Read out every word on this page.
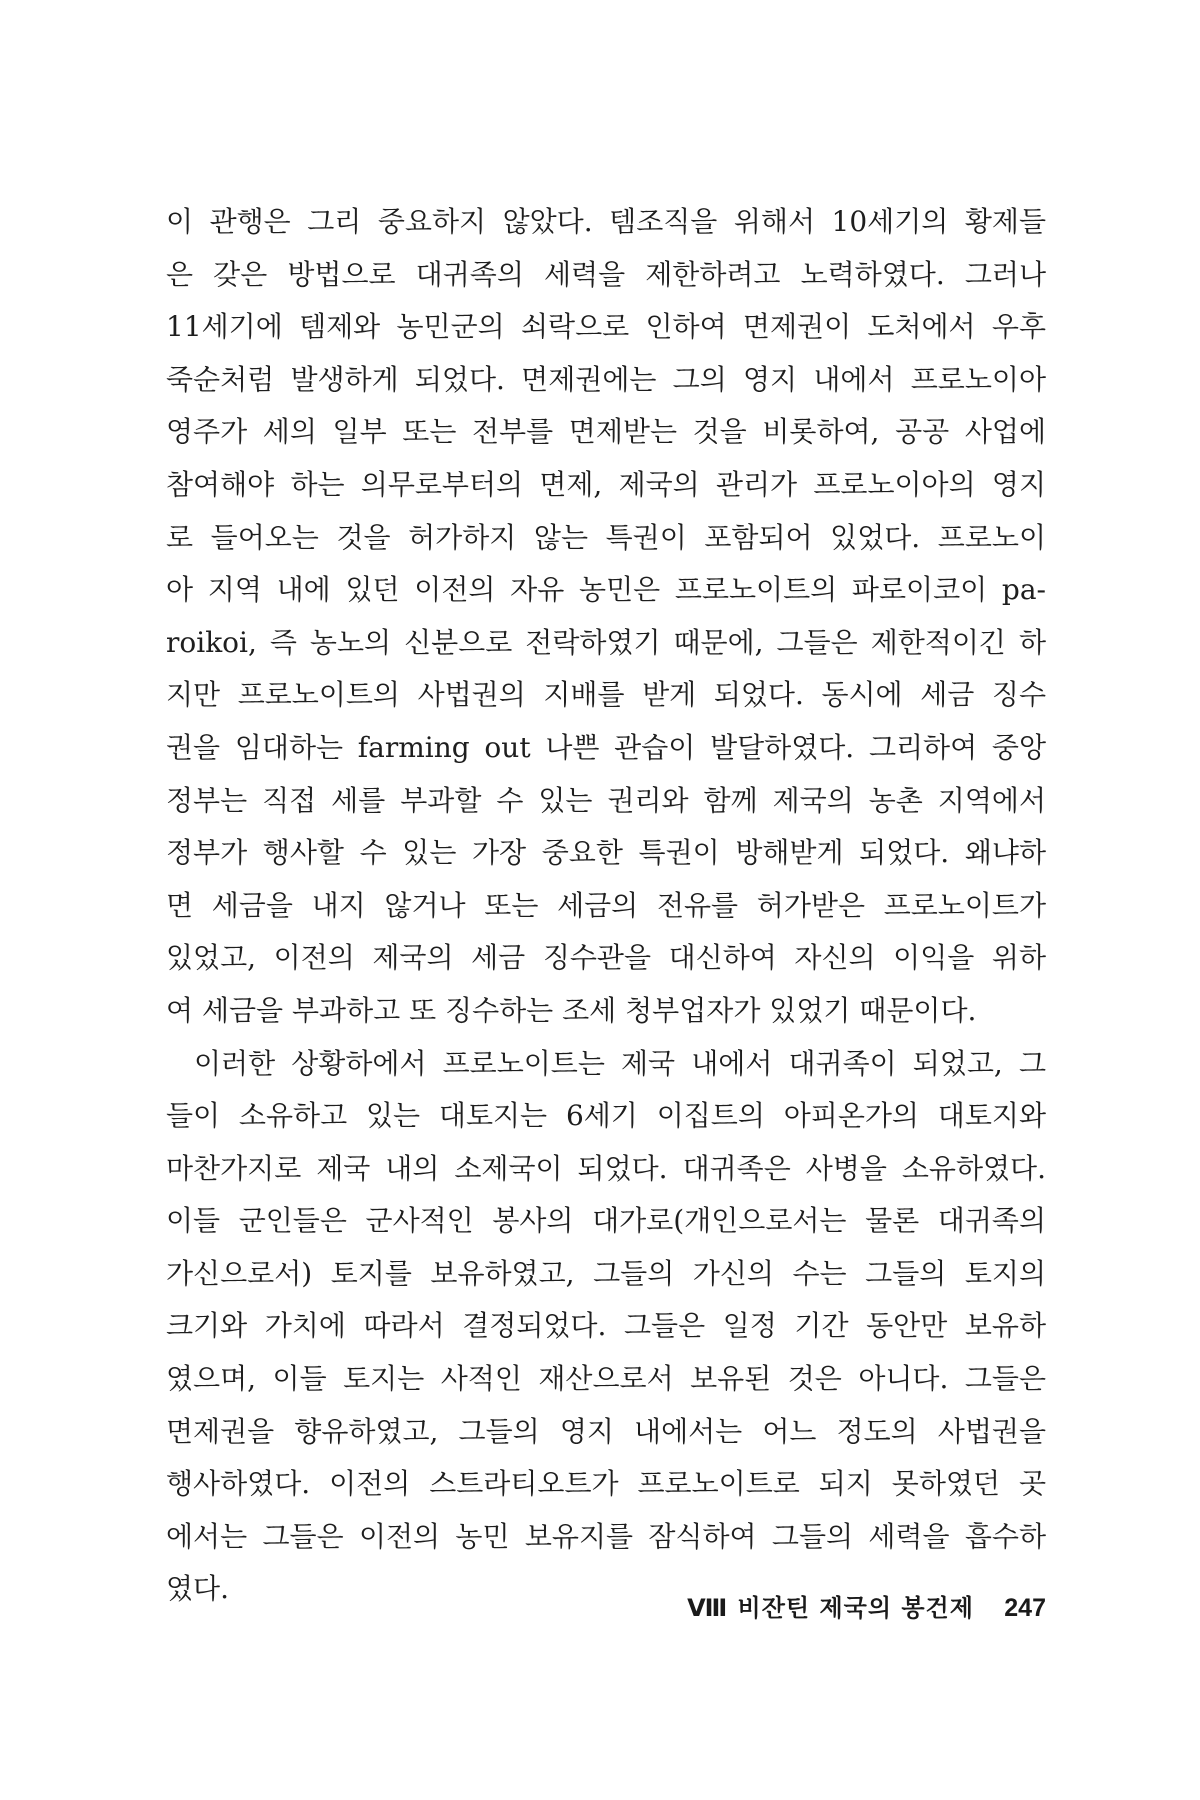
이 관행은 그리 중요하지 않았다. 템조직을 위해서 10세기의 황제들
은 갖은 방법으로 대귀족의 세력을 제한하려고 노력하였다. 그러나
11세기에 템제와 농민군의 쇠락으로 인하여 면제권이 도처에서 우후
죽순처럼 발생하게 되었다. 면제권에는 그의 영지 내에서 프로노이아
영주가 세의 일부 또는 전부를 면제받는 것을 비롯하여, 공공 사업에
참여해야 하는 의무로부터의 면제, 제국의 관리가 프로노이아의 영지
로 들어오는 것을 허가하지 않는 특권이 포함되어 있었다. 프로노이
아 지역 내에 있던 이전의 자유 농민은 프로노이트의 파로이코이 pa-
roikoi, 즉 농노의 신분으로 전락하였기 때문에, 그들은 제한적이긴 하
지만 프로노이트의 사법권의 지배를 받게 되었다. 동시에 세금 징수
권을 임대하는 farming out 나쁜 관습이 발달하였다. 그리하여 중앙
정부는 직접 세를 부과할 수 있는 권리와 함께 제국의 농촌 지역에서
정부가 행사할 수 있는 가장 중요한 특권이 방해받게 되었다. 왜냐하
면 세금을 내지 않거나 또는 세금의 전유를 허가받은 프로노이트가
있었고, 이전의 제국의 세금 징수관을 대신하여 자신의 이익을 위하
여 세금을 부과하고 또 징수하는 조세 청부업자가 있었기 때문이다.
이러한 상황하에서 프로노이트는 제국 내에서 대귀족이 되었고, 그
들이 소유하고 있는 대토지는 6세기 이집트의 아피온가의 대토지와
마찬가지로 제국 내의 소제국이 되었다. 대귀족은 사병을 소유하였다.
이들 군인들은 군사적인 봉사의 대가로(개인으로서는 물론 대귀족의
가신으로서) 토지를 보유하였고, 그들의 가신의 수는 그들의 토지의
크기와 가치에 따라서 결정되었다. 그들은 일정 기간 동안만 보유하
였으며, 이들 토지는 사적인 재산으로서 보유된 것은 아니다. 그들은
면제권을 향유하였고, 그들의 영지 내에서는 어느 정도의 사법권을
행사하였다. 이전의 스트라티오트가 프로노이트로 되지 못하였던 곳
에서는 그들은 이전의 농민 보유지를 잠식하여 그들의 세력을 흡수하
였다.
Ⅷ 비잔틴 제국의 봉건제 247
